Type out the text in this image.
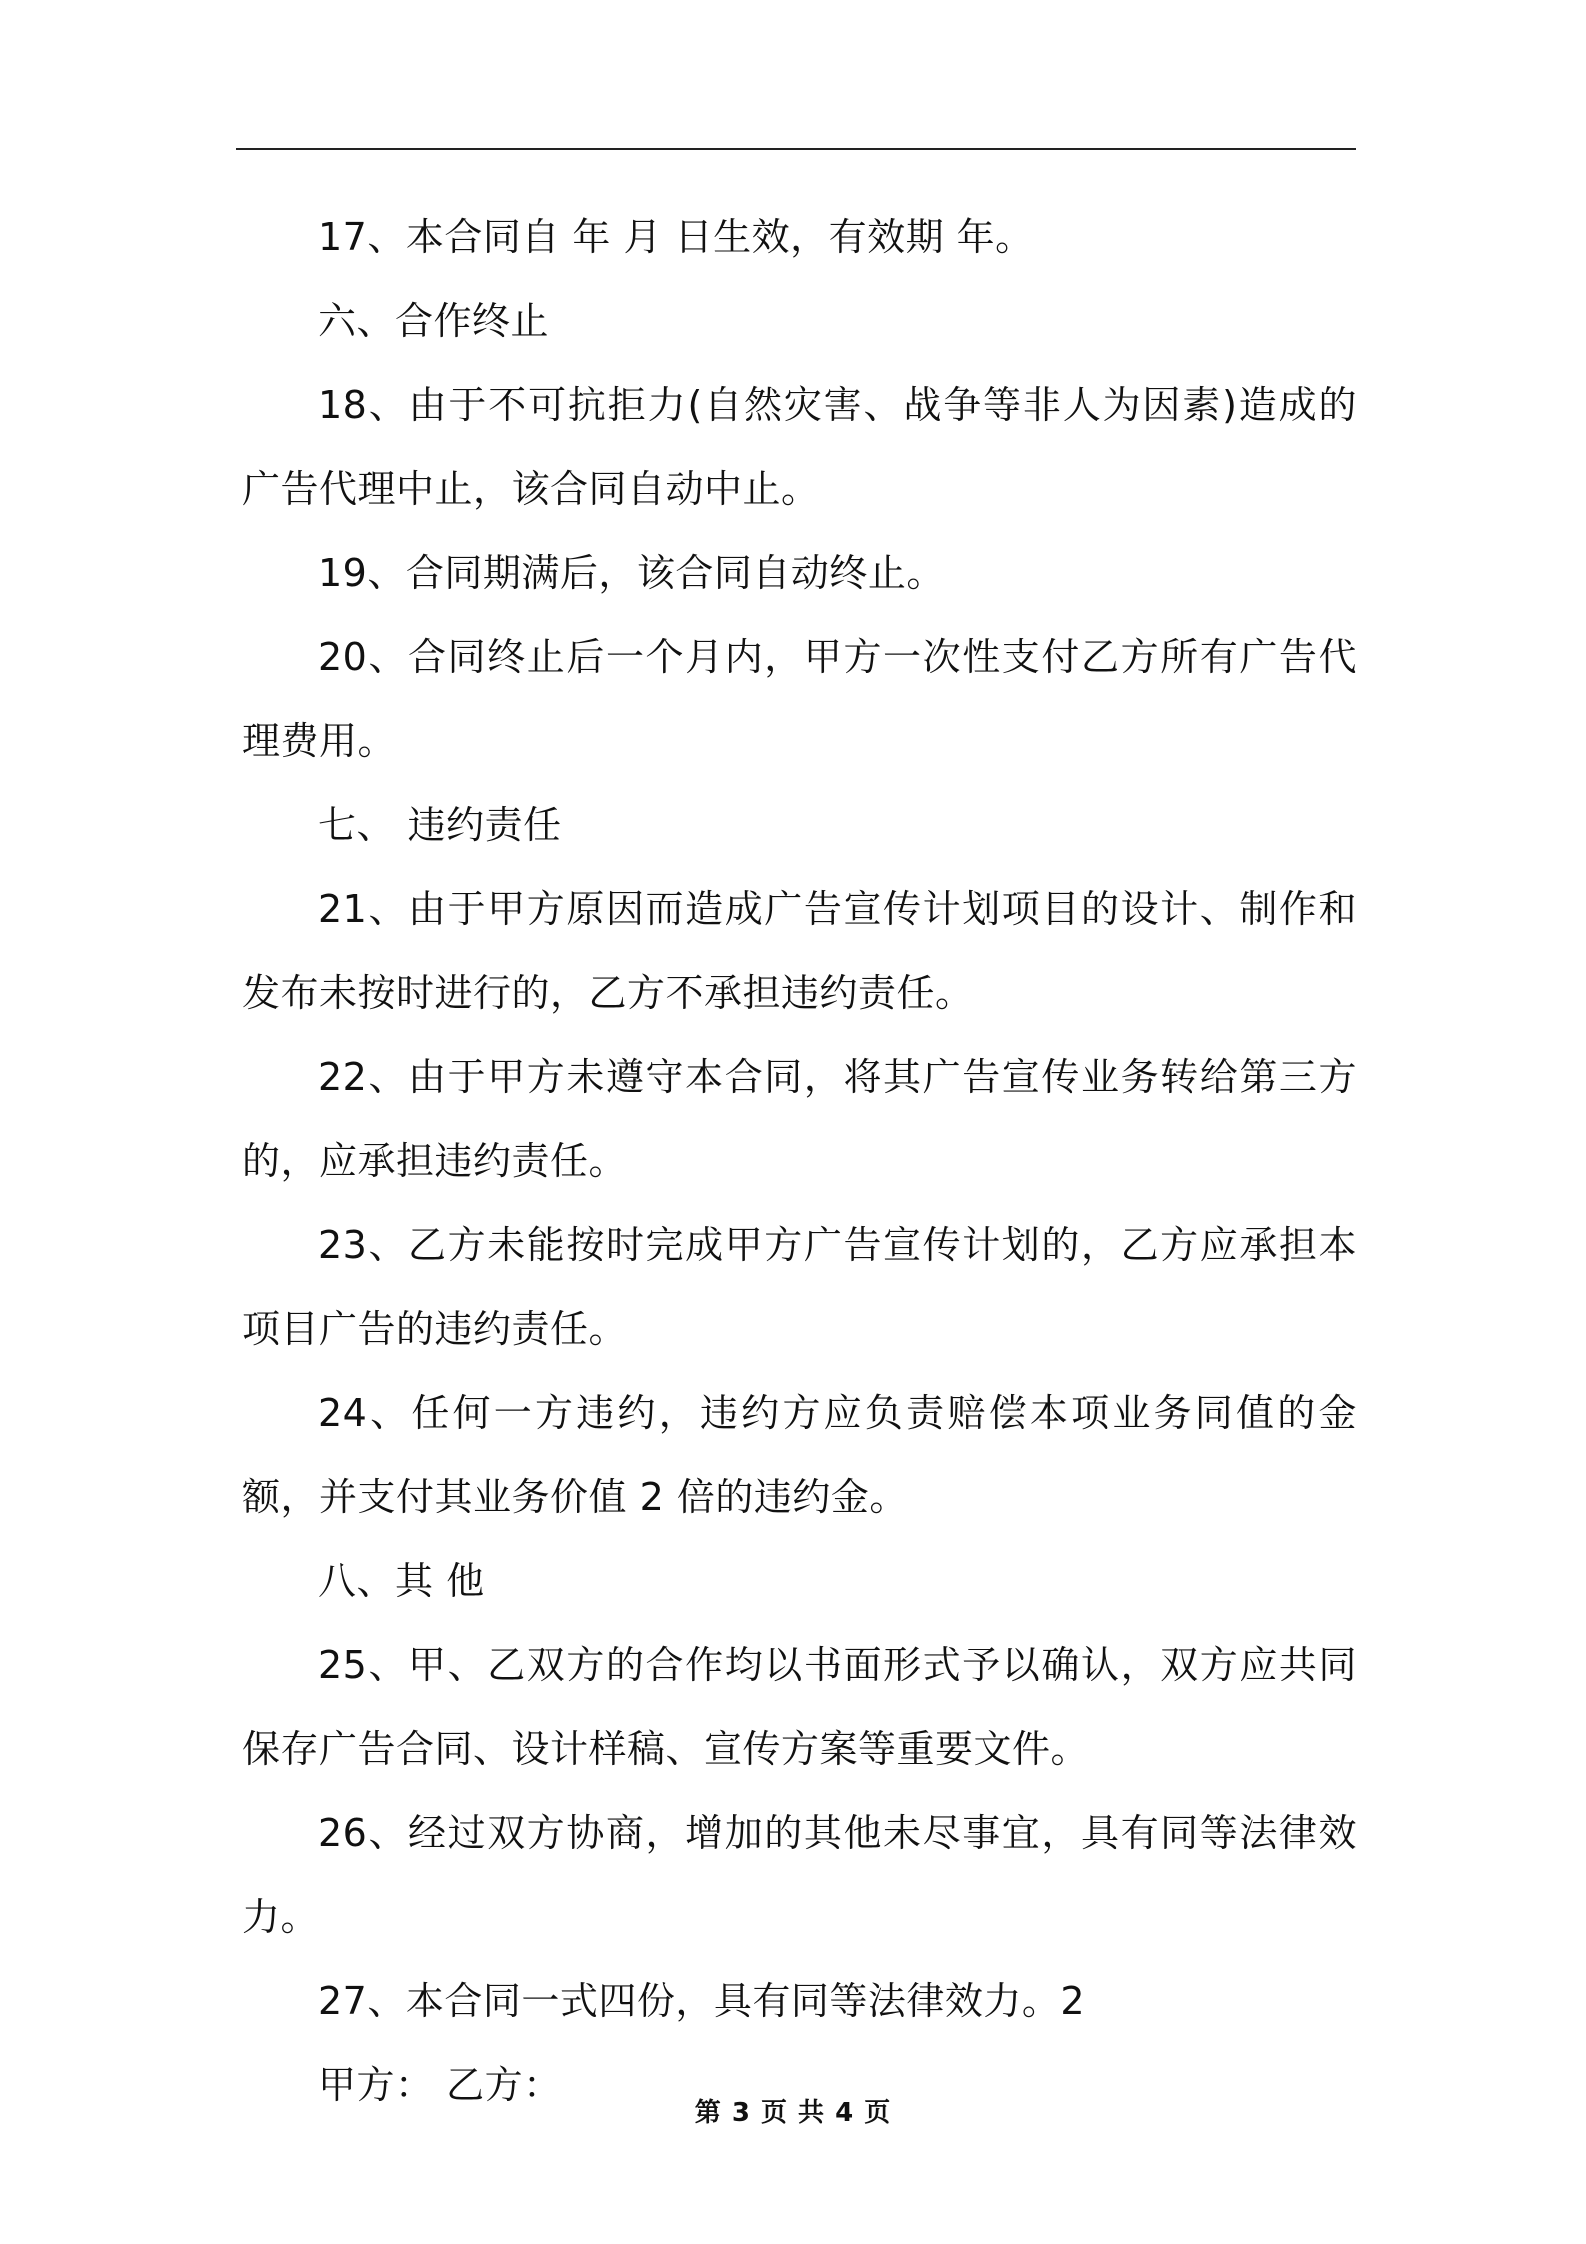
17、本合同自 年 月 日生效，有效期 年。

六、合作终止

18、由于不可抗拒力(自然灾害、战争等非人为因素)造成的广告代理中止，该合同自动中止。

19、合同期满后，该合同自动终止。

20、合同终止后一个月内，甲方一次性支付乙方所有广告代理费用。

七、 违约责任

21、由于甲方原因而造成广告宣传计划项目的设计、制作和发布未按时进行的，乙方不承担违约责任。

22、由于甲方未遵守本合同，将其广告宣传业务转给第三方的，应承担违约责任。

23、乙方未能按时完成甲方广告宣传计划的，乙方应承担本项目广告的违约责任。

24、任何一方违约，违约方应负责赔偿本项业务同值的金额，并支付其业务价值 2 倍的违约金。

八、其 他

25、甲、乙双方的合作均以书面形式予以确认，双方应共同保存广告合同、设计样稿、宣传方案等重要文件。

26、经过双方协商，增加的其他未尽事宜，具有同等法律效力。

27、本合同一式四份，具有同等法律效力。2

甲方： 乙方：

第 3 页 共 4 页
